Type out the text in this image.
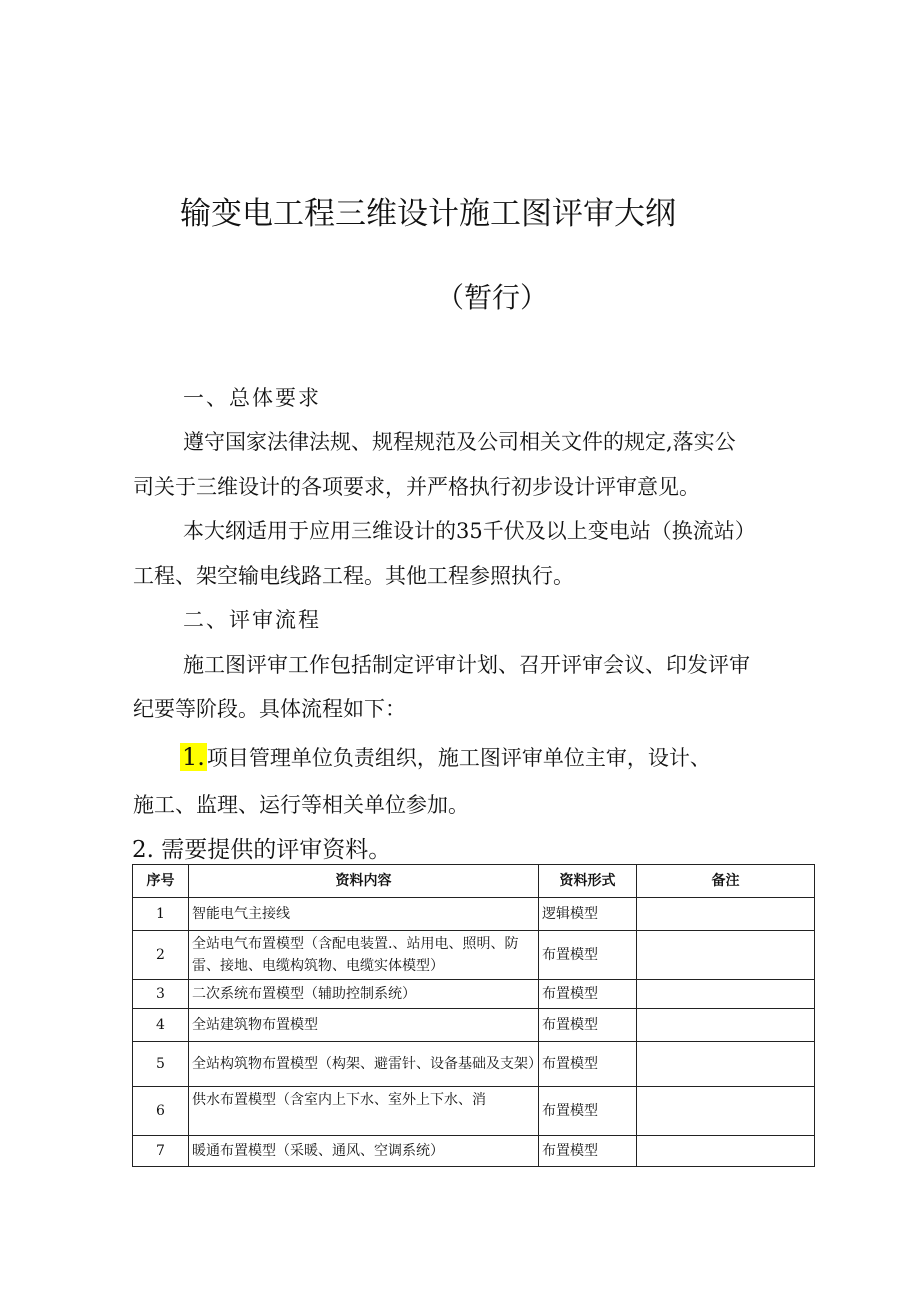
输变电工程三维设计施工图评审大纲
（暂行）
一、总体要求
遵守国家法律法规、规程规范及公司相关文件的规定,落实公
司关于三维设计的各项要求，并严格执行初步设计评审意见。
本大纲适用于应用三维设计的35千伏及以上变电站（换流站）
工程、架空输电线路工程。其他工程参照执行。
二、评审流程
施工图评审工作包括制定评审计划、召开评审会议、印发评审
纪要等阶段。具体流程如下：
1.项目管理单位负责组织，施工图评审单位主审，设计、
施工、监理、运行等相关单位参加。
2. 需要提供的评审资料。
序号	资料内容	资料形式	备注
1	智能电气主接线	逻辑模型	
2	全站电气布置模型（含配电装置.、站用电、照明、防雷、接地、电缆构筑物、电缆实体模型）	布置模型	
3	二次系统布置模型（辅助控制系统）	布置模型	
4	全站建筑物布置模型	布置模型	
5	全站构筑物布置模型（构架、避雷针、设备基础及支架）	布置模型	
6	供水布置模型（含室内上下水、室外上下水、消	布置模型	
7	暖通布置模型（采暖、通风、空调系统）	布置模型	
